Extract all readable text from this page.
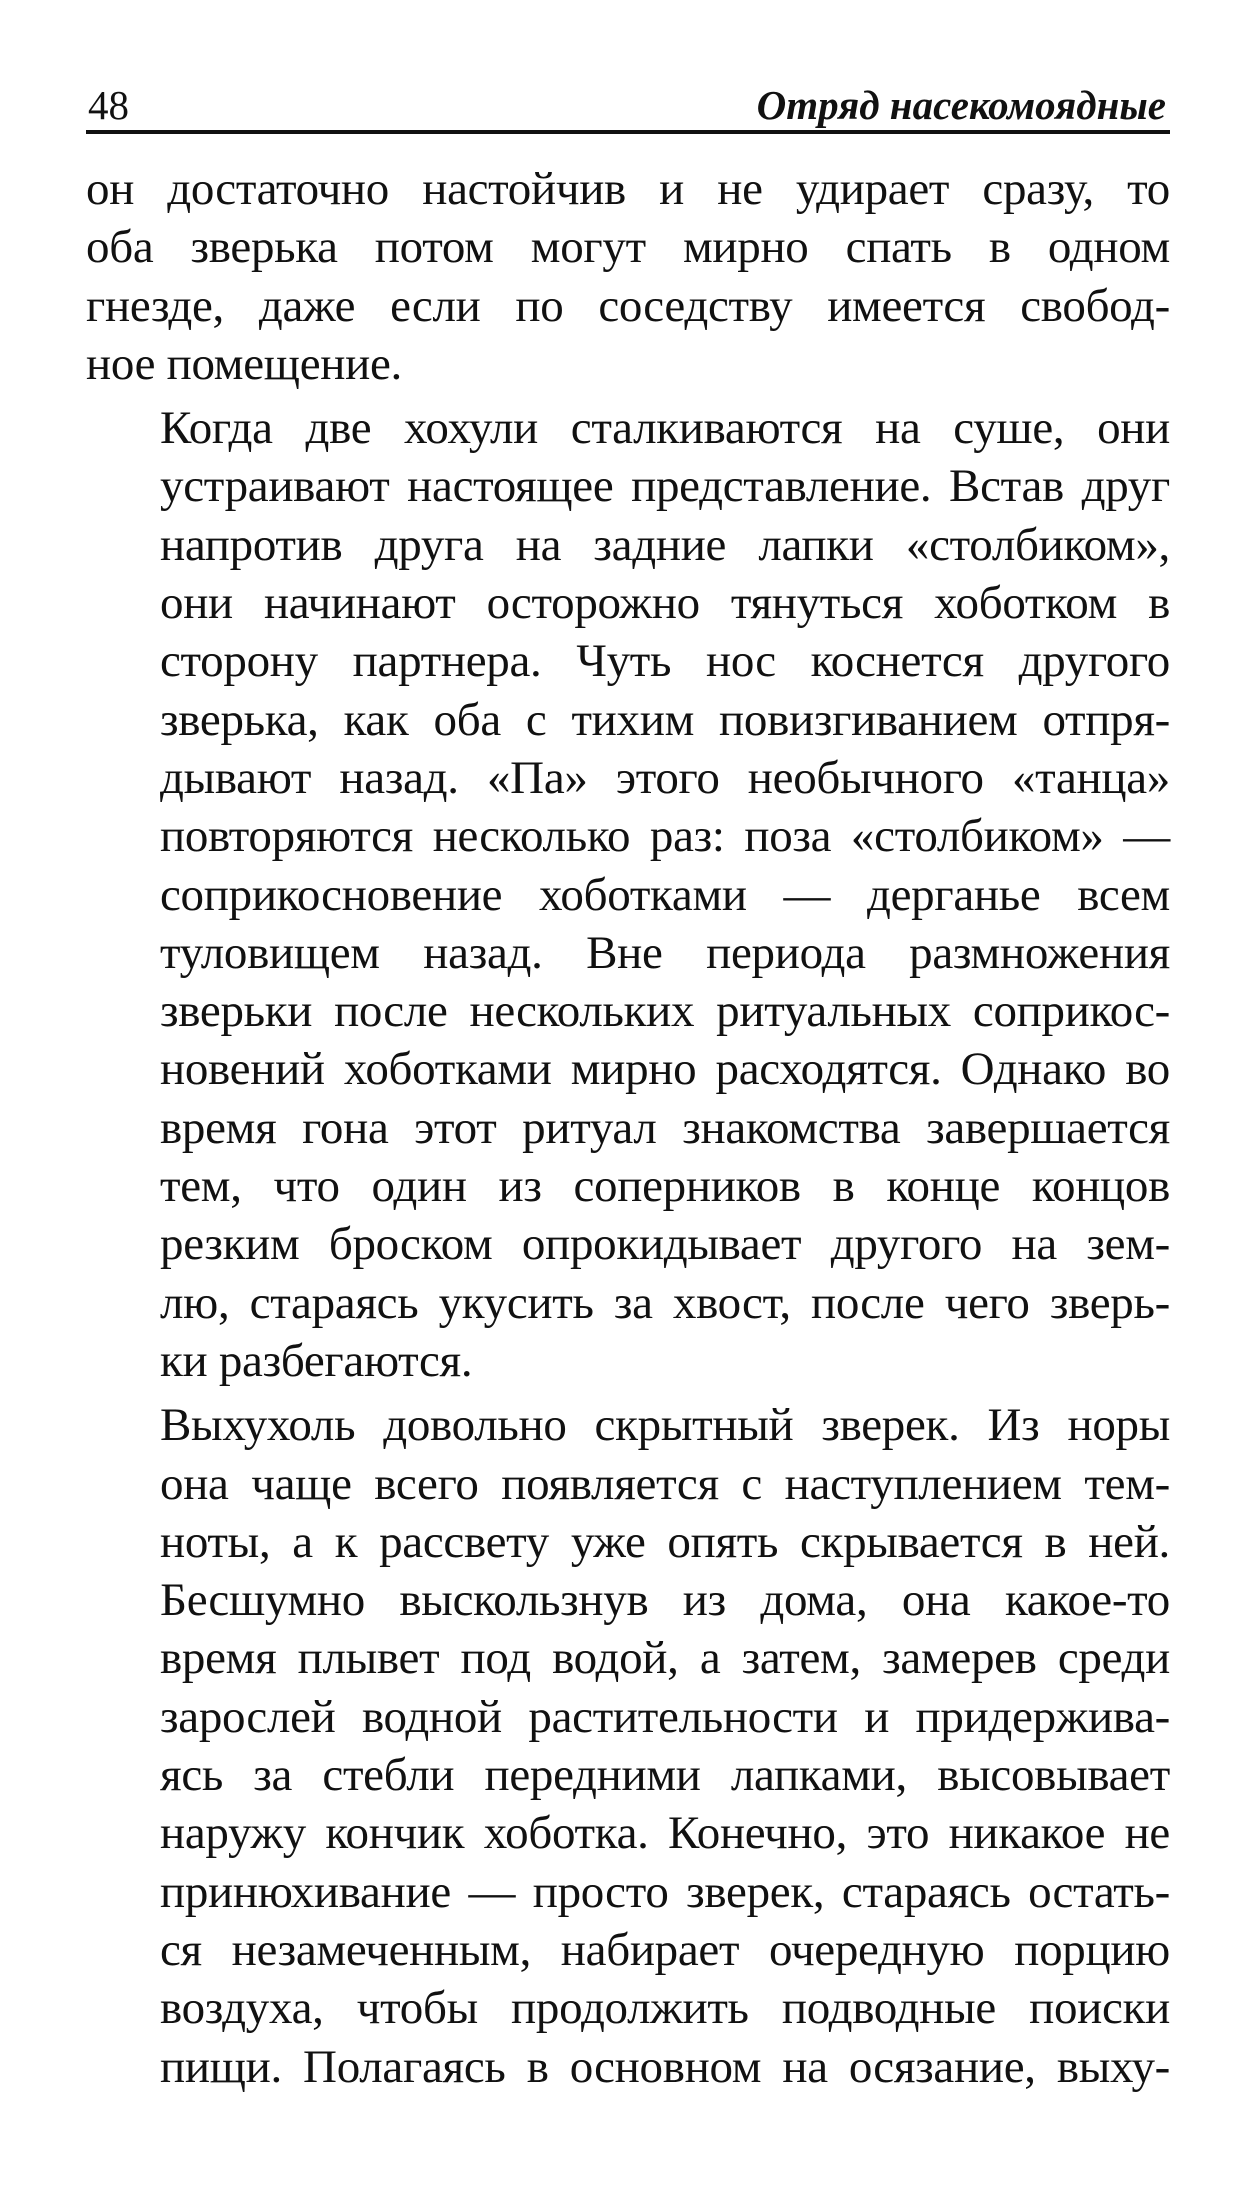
48	Отряд насекомоядные

он достаточно настойчив и не удирает сразу, то
оба зверька потом могут мирно спать в одном
гнезде, даже если по соседству имеется свобод-
ное помещение.

Когда две хохули сталкиваются на суше, они
устраивают настоящее представление. Встав друг
напротив друга на задние лапки «столбиком»,
они начинают осторожно тянуться хоботком в
сторону партнера. Чуть нос коснется другого
зверька, как оба с тихим повизгиванием отпря-
дывают назад. «Па» этого необычного «танца»
повторяются несколько раз: поза «столбиком» —
соприкосновение хоботками — дерганье всем
туловищем назад. Вне периода размножения
зверьки после нескольких ритуальных соприкос-
новений хоботками мирно расходятся. Однако во
время гона этот ритуал знакомства завершается
тем, что один из соперников в конце концов
резким броском опрокидывает другого на зем-
лю, стараясь укусить за хвост, после чего зверь-
ки разбегаются.

Выхухоль довольно скрытный зверек. Из норы
она чаще всего появляется с наступлением тем-
ноты, а к рассвету уже опять скрывается в ней.
Бесшумно выскользнув из дома, она какое-то
время плывет под водой, а затем, замерев среди
зарослей водной растительности и придержива-
ясь за стебли передними лапками, высовывает
наружу кончик хоботка. Конечно, это никакое не
принюхивание — просто зверек, стараясь остать-
ся незамеченным, набирает очередную порцию
воздуха, чтобы продолжить подводные поиски
пищи. Полагаясь в основном на осязание, выху-
